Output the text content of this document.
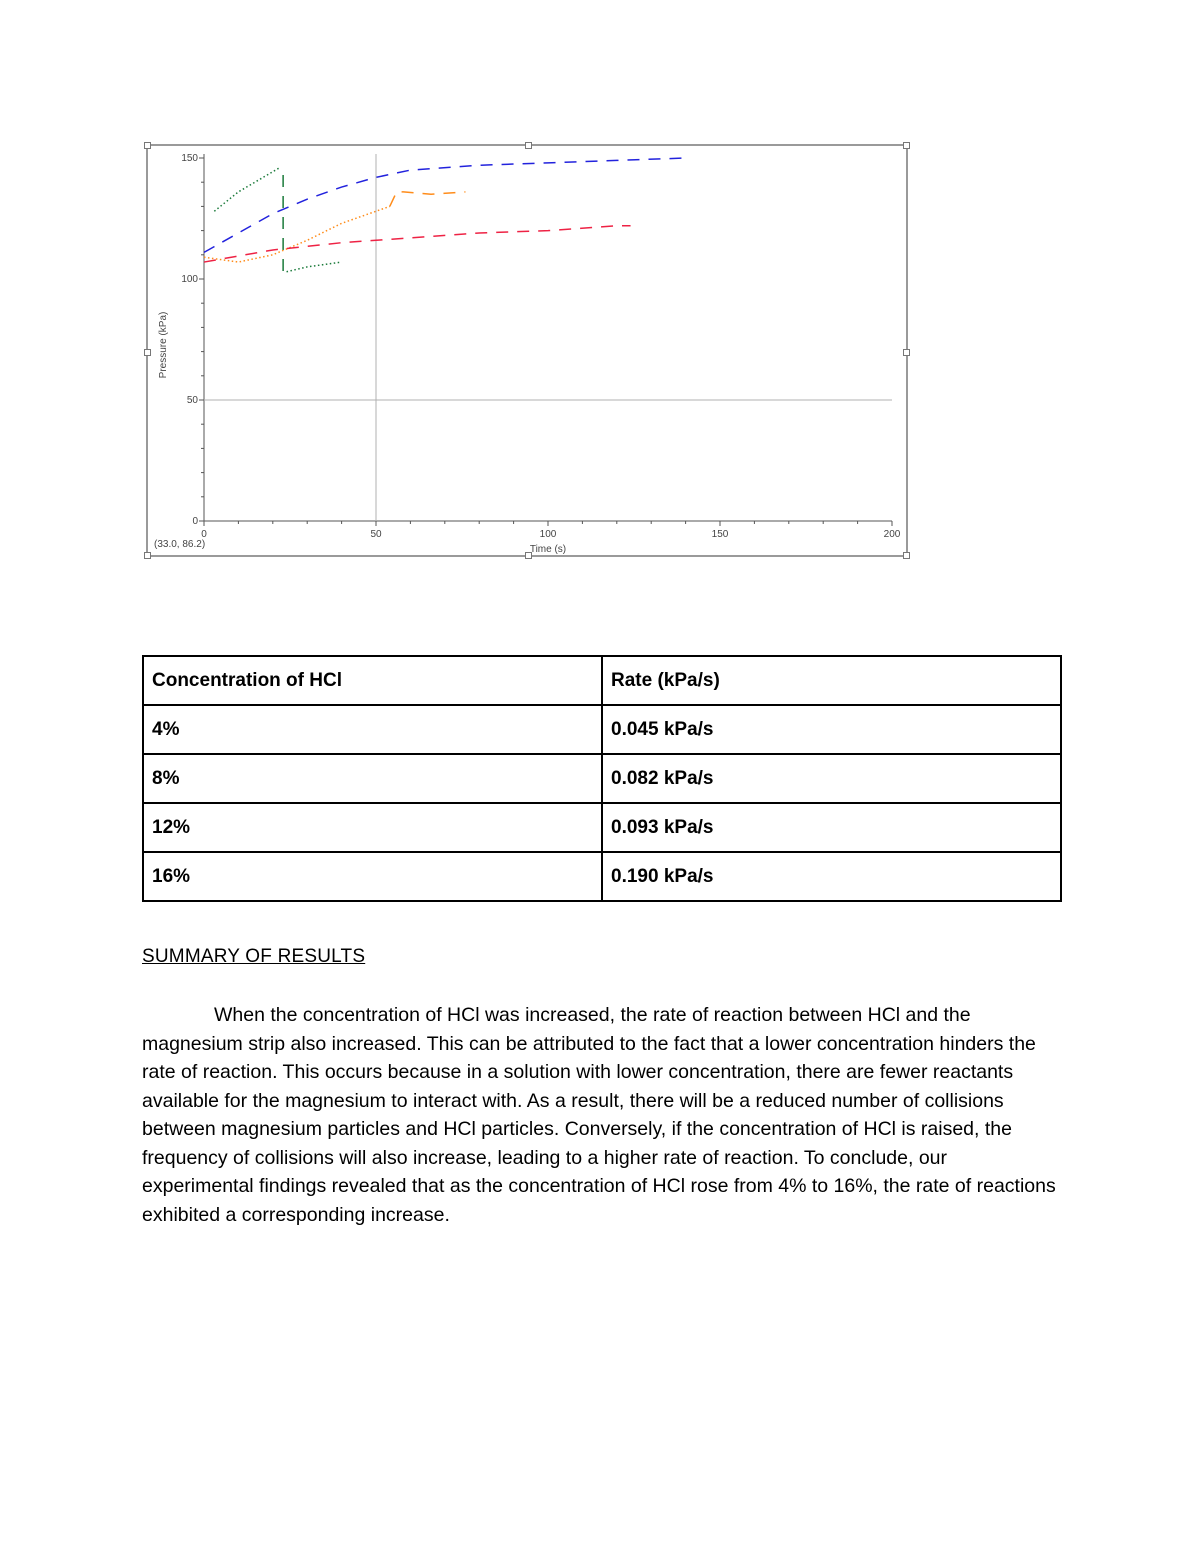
Pressure (kPa)
Time (s)
(33.0, 86.2)
0	50	100	150	200
0
50
100
150
Concentration of HCl	Rate (kPa/s)
4%	0.045 kPa/s
8%	0.082 kPa/s
12%	0.093 kPa/s
16%	0.190 kPa/s
SUMMARY OF RESULTS

When the concentration of HCl was increased, the rate of reaction between HCl and the magnesium strip also increased. This can be attributed to the fact that a lower concentration hinders the rate of reaction. This occurs because in a solution with lower concentration, there are fewer reactants available for the magnesium to interact with. As a result, there will be a reduced number of collisions between magnesium particles and HCl particles. Conversely, if the concentration of HCl is raised, the frequency of collisions will also increase, leading to a higher rate of reaction. To conclude, our experimental findings revealed that as the concentration of HCl rose from 4% to 16%, the rate of reactions exhibited a corresponding increase.
